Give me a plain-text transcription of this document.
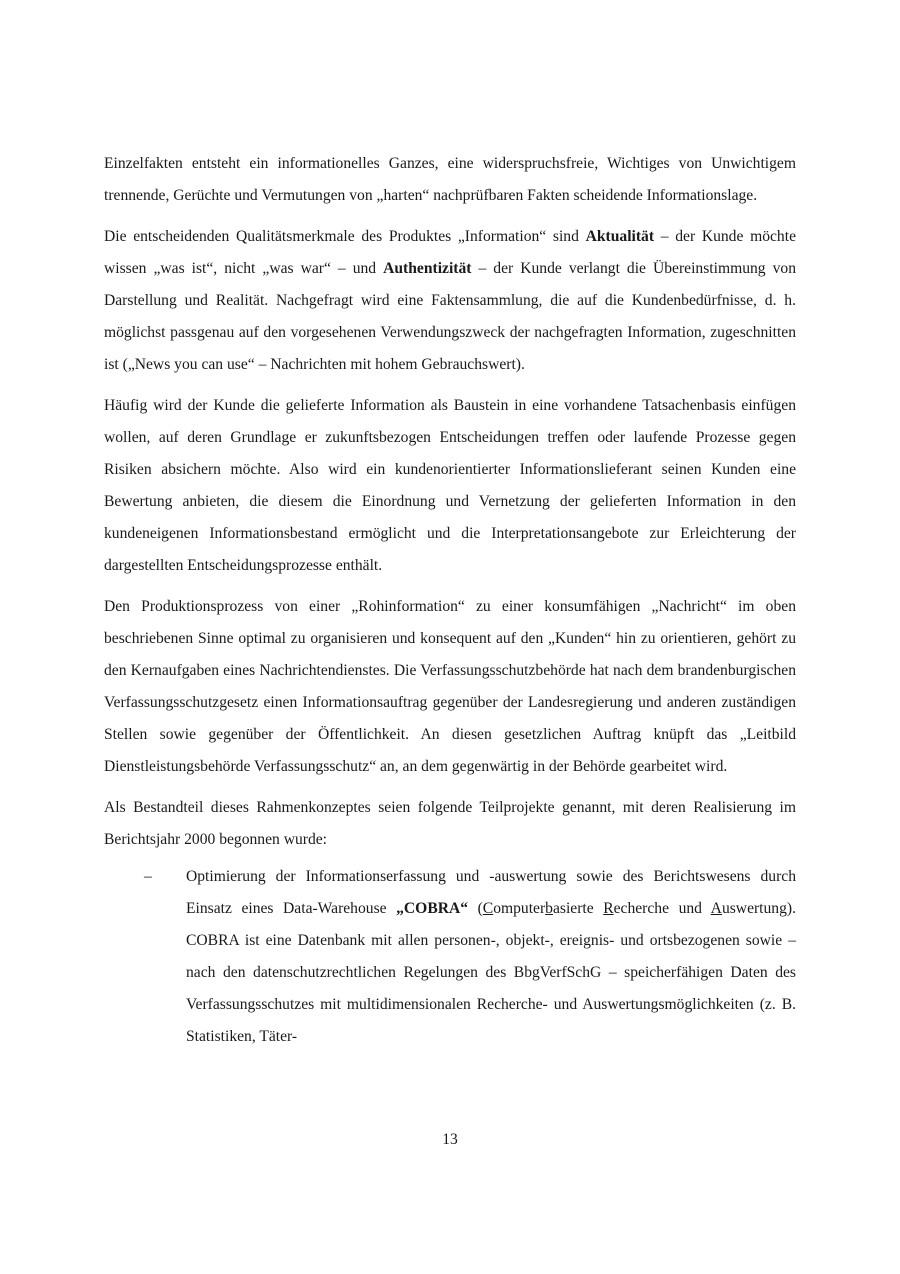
Einzelfakten entsteht ein informationelles Ganzes, eine widerspruchsfreie, Wichtiges von Unwichtigem trennende, Gerüchte und Vermutungen von „harten“ nachprüfbaren Fakten scheidende Informationslage.

Die entscheidenden Qualitätsmerkmale des Produktes „Information“ sind Aktualität – der Kunde möchte wissen „was ist“, nicht „was war“ – und Authentizität – der Kunde verlangt die Übereinstimmung von Darstellung und Realität. Nachgefragt wird eine Faktensammlung, die auf die Kundenbedürfnisse, d. h. möglichst passgenau auf den vorgesehenen Verwendungszweck der nachgefragten Information, zugeschnitten ist („News you can use“ – Nachrichten mit hohem Gebrauchswert).

Häufig wird der Kunde die gelieferte Information als Baustein in eine vorhandene Tatsachenbasis einfügen wollen, auf deren Grundlage er zukunftsbezogen Entscheidungen treffen oder laufende Prozesse gegen Risiken absichern möchte. Also wird ein kundenorientierter Informationslieferant seinen Kunden eine Bewertung anbieten, die diesem die Einordnung und Vernetzung der gelieferten Information in den kundeneigenen Informationsbestand ermöglicht und die Interpretationsangebote zur Erleichterung der dargestellten Entscheidungsprozesse enthält.

Den Produktionsprozess von einer „Rohinformation“ zu einer konsumfähigen „Nachricht“ im oben beschriebenen Sinne optimal zu organisieren und konsequent auf den „Kunden“ hin zu orientieren, gehört zu den Kernaufgaben eines Nachrichtendienstes. Die Verfassungsschutzbehörde hat nach dem brandenburgischen Verfassungsschutzgesetz einen Informationsauftrag gegenüber der Landesregierung und anderen zuständigen Stellen sowie gegenüber der Öffentlichkeit. An diesen gesetzlichen Auftrag knüpft das „Leitbild Dienstleistungsbehörde Verfassungsschutz“ an, an dem gegenwärtig in der Behörde gearbeitet wird.

Als Bestandteil dieses Rahmenkonzeptes seien folgende Teilprojekte genannt, mit deren Realisierung im Berichtsjahr 2000 begonnen wurde:

– Optimierung der Informationserfassung und -auswertung sowie des Berichtswesens durch Einsatz eines Data-Warehouse „COBRA“ (Computerbasierte Recherche und Auswertung). COBRA ist eine Datenbank mit allen personen-, objekt-, ereignis- und ortsbezogenen sowie – nach den datenschutzrechtlichen Regelungen des BbgVerfSchG – speicherfähigen Daten des Verfassungsschutzes mit multidimensionalen Recherche- und Auswertungsmöglichkeiten (z. B. Statistiken, Täter-
13
